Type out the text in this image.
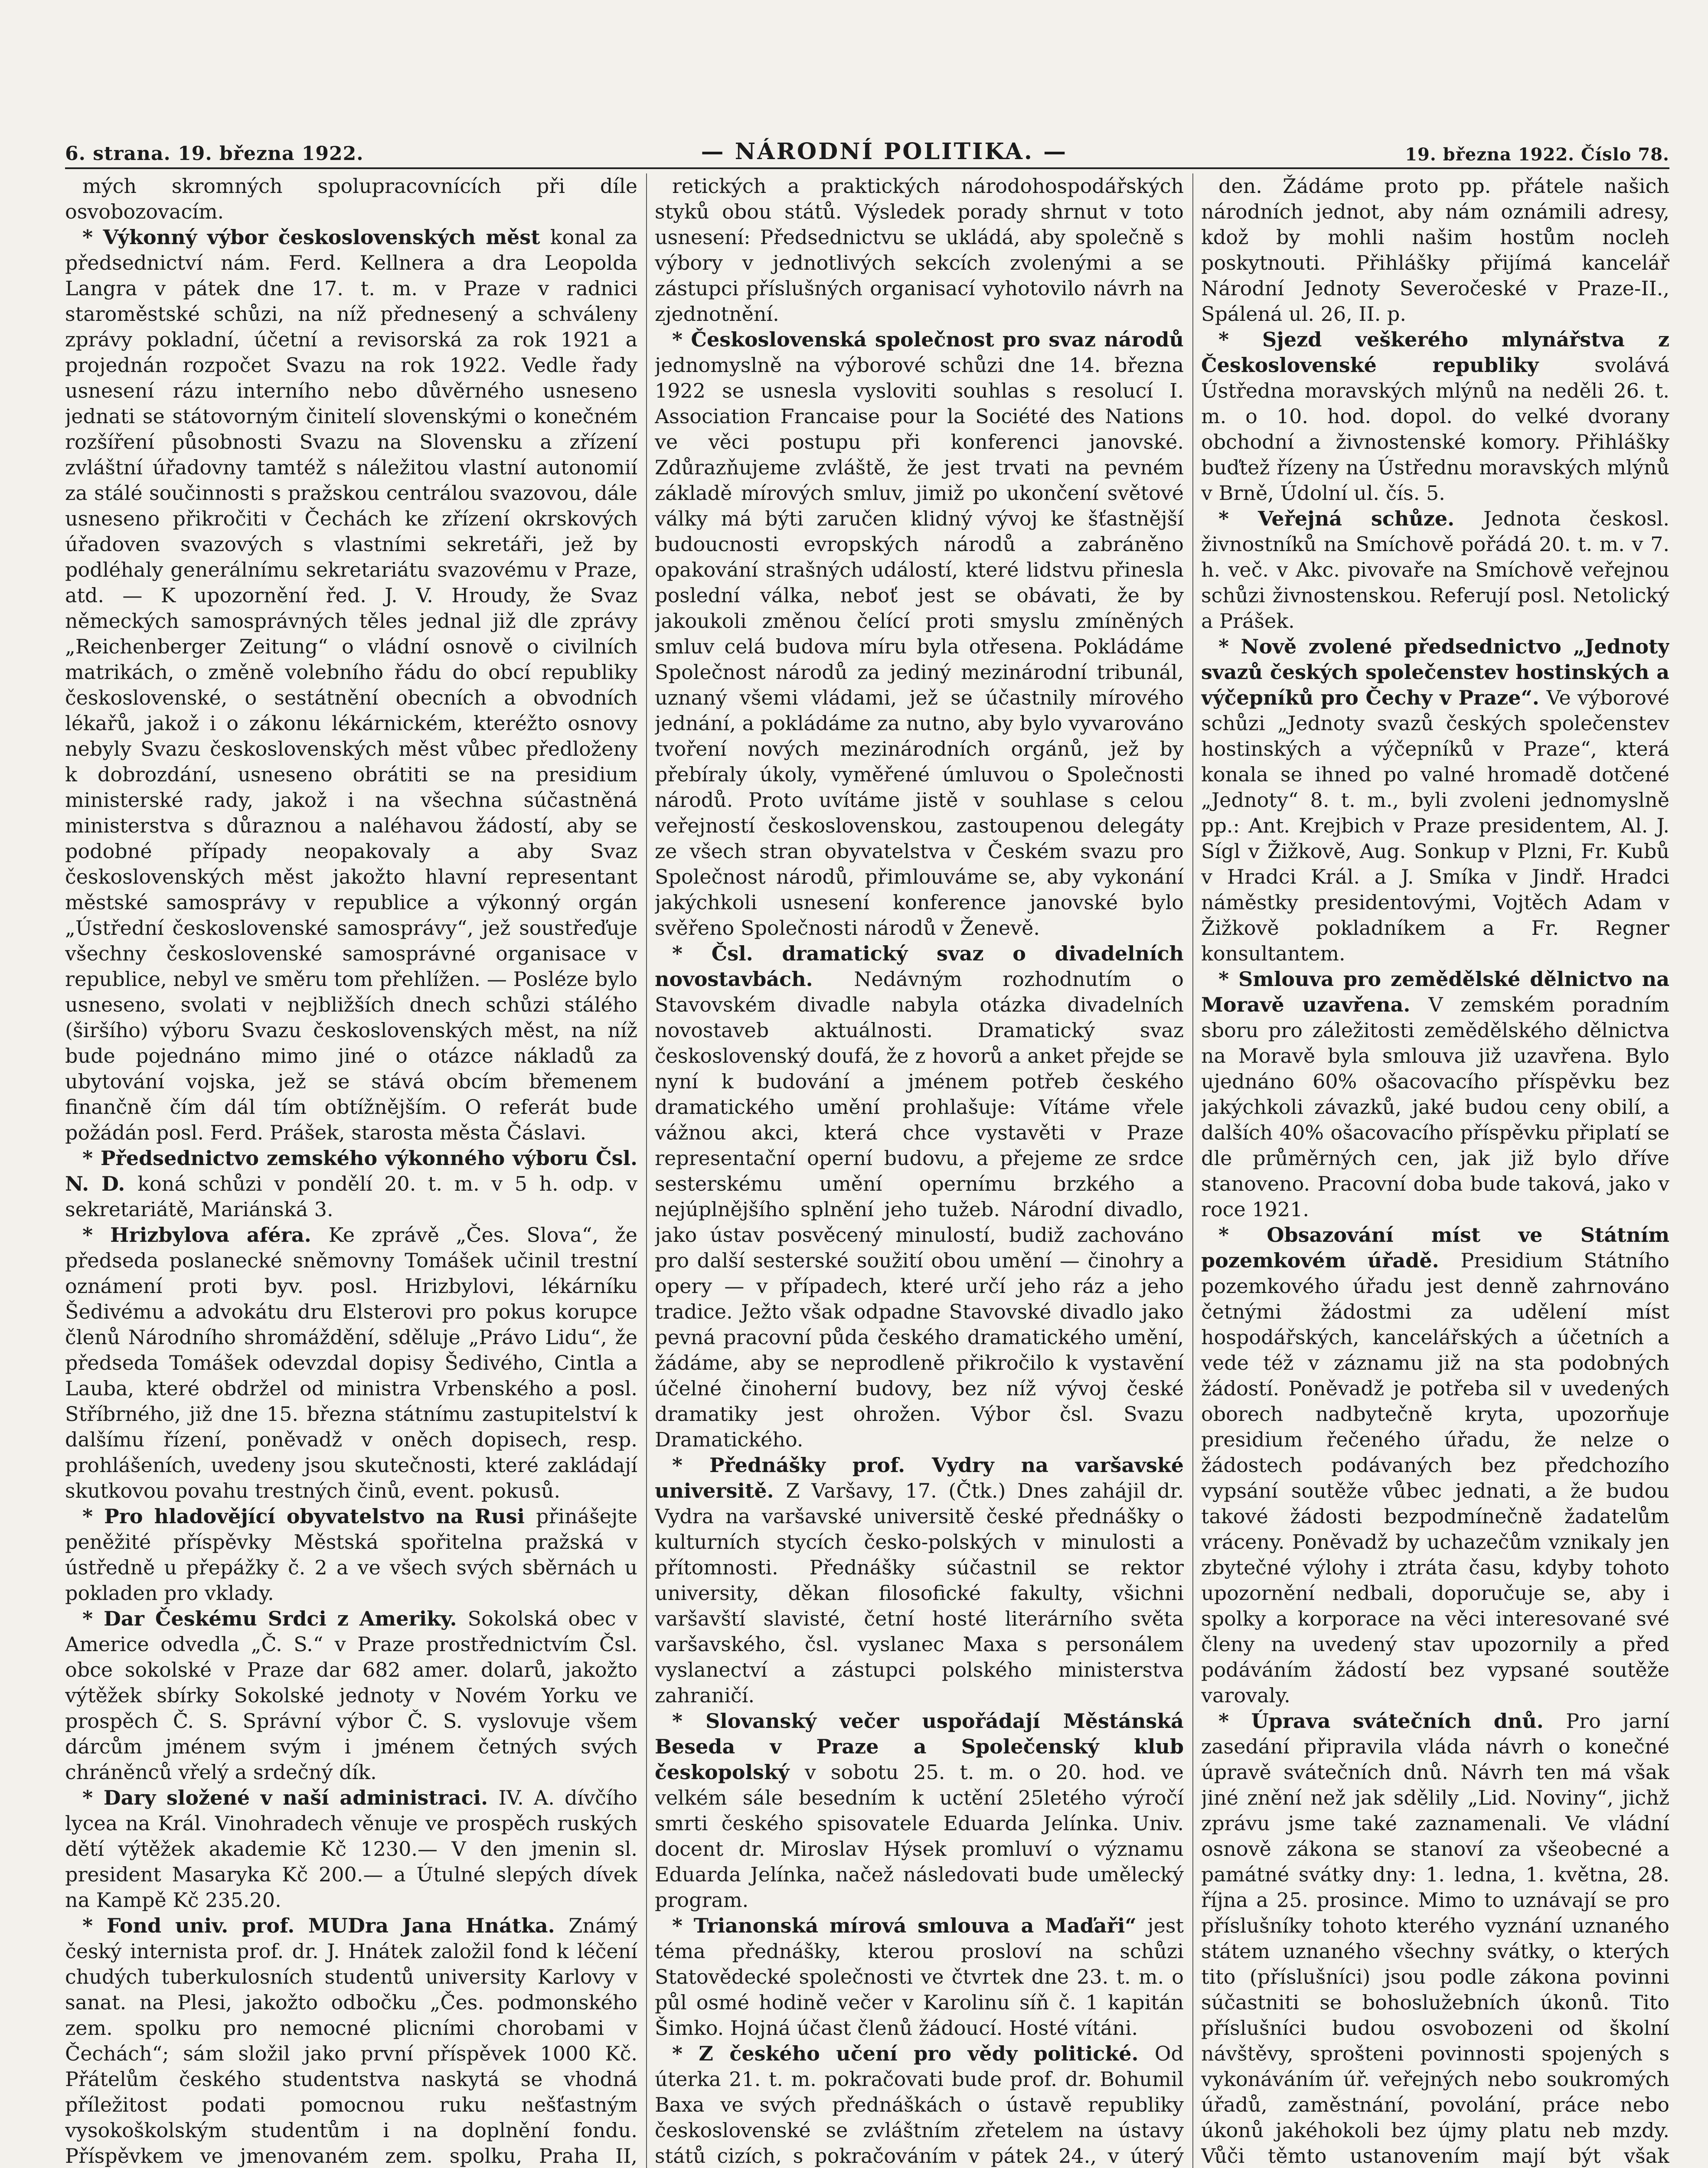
6. strana. 19. března 1922.	— NÁRODNÍ POLITIKA. —	19. března 1922. Číslo 78.

mých skromných spolupracovnících při díle osvobozovacím.

* Výkonný výbor československých měst konal za předsednictví nám. Ferd. Kellnera a dra Leopolda Langra v pátek dne 17. t. m. v Praze v radnici staroměstské schůzi, na níž přednesený a schváleny zprávy pokladní, účetní a revisorská za rok 1921 a projednán rozpočet Svazu na rok 1922. Vedle řady usnesení rázu interního nebo důvěrného usneseno jednati se státovorným činitelí slovenskými o konečném rozšíření působnosti Svazu na Slovensku a zřízení zvláštní úřadovny tamtéž s náležitou vlastní autonomií za stálé součinnosti s pražskou centrálou svazovou, dále usneseno přikročiti v Čechách ke zřízení okrskových úřadoven svazových s vlastními sekretáři, jež by podléhaly generálnímu sekretariátu svazovému v Praze, atd. — K upozornění řed. J. V. Hroudy, že Svaz německých samosprávných těles jednal již dle zprávy „Reichenberger Zeitung“ o vládní osnově o civilních matrikách, o změně volebního řádu do obcí republiky československé, o sestátnění obecních a obvodních lékařů, jakož i o zákonu lékárnickém, kteréžto osnovy nebyly Svazu československých měst vůbec předloženy k dobrozdání, usneseno obrátiti se na presidium ministerské rady, jakož i na všechna súčastněná ministerstva s důraznou a naléhavou žádostí, aby se podobné případy neopakovaly a aby Svaz československých měst jakožto hlavní representant městské samosprávy v republice a výkonný orgán „Ústřední československé samosprávy“, jež soustřeďuje všechny československé samosprávné organisace v republice, nebyl ve směru tom přehlížen. — Posléze bylo usneseno, svolati v nejbližších dnech schůzi stálého (širšího) výboru Svazu československých měst, na níž bude pojednáno mimo jiné o otázce nákladů za ubytování vojska, jež se stává obcím břemenem finančně čím dál tím obtížnějším. O referát bude požádán posl. Ferd. Prášek, starosta města Čáslavi.

* Předsednictvo zemského výkonného výboru Čsl. N. D. koná schůzi v pondělí 20. t. m. v 5 h. odp. v sekretariátě, Mariánská 3.

* Hrizbylova aféra. Ke zprávě „Čes. Slova“, že předseda poslanecké sněmovny Tomášek učinil trestní oznámení proti byv. posl. Hrizbylovi, lékárníku Šedivému a advokátu dru Elsterovi pro pokus korupce členů Národního shromáždění, sděluje „Právo Lidu“, že předseda Tomášek odevzdal dopisy Šedivého, Cintla a Lauba, které obdržel od ministra Vrbenského a posl. Stříbrného, již dne 15. března státnímu zastupitelství k dalšímu řízení, poněvadž v oněch dopisech, resp. prohlášeních, uvedeny jsou skutečnosti, které zakládají skutkovou povahu trestných činů, event. pokusů.

* Pro hladovějící obyvatelstvo na Rusi přinášejte peněžité příspěvky Městská spořitelna pražská v ústředně u přepážky č. 2 a ve všech svých sběrnách u pokladen pro vklady.

* Dar Českému Srdci z Ameriky. Sokolská obec v Americe odvedla „Č. S.“ v Praze prostřednictvím Čsl. obce sokolské v Praze dar 682 amer. dolarů, jakožto výtěžek sbírky Sokolské jednoty v Novém Yorku ve prospěch Č. S. Správní výbor Č. S. vyslovuje všem dárcům jménem svým i jménem četných svých chráněnců vřelý a srdečný dík.

* Dary složené v naší administraci. IV. A. dívčího lycea na Král. Vinohradech věnuje ve prospěch ruských dětí výtěžek akademie Kč 1230.— V den jmenin sl. president Masaryka Kč 200.— a Útulné slepých dívek na Kampě Kč 235.20.

* Fond univ. prof. MUDra Jana Hnátka. Známý český internista prof. dr. J. Hnátek založil fond k léčení chudých tuberkulosních studentů university Karlovy v sanat. na Plesi, jakožto odbočku „Čes. podmonského zem. spolku pro nemocné plicními chorobami v Čechách“; sám složil jako první příspěvek 1000 Kč. Přátelům českého studentstva naskytá se vhodná příležitost podati pomocnou ruku nešťastným vysokoškolským studentům i na doplnění fondu. Příspěvkem ve jmenovaném zem. spolku, Praha II,

retických a praktických národohospodářských styků obou států. Výsledek porady shrnut v toto usnesení: Předsednictvu se ukládá, aby společně s výbory v jednotlivých sekcích zvolenými a se zástupci příslušných organisací vyhotovilo návrh na zjednotnění.

* Československá společnost pro svaz národů jednomyslně na výborové schůzi dne 14. března 1922 se usnesla vysloviti souhlas s resolucí I. Association Francaise pour la Société des Nations ve věci postupu při konferenci janovské. Zdůrazňujeme zvláště, že jest trvati na pevném základě mírových smluv, jimiž po ukončení světové války má býti zaručen klidný vývoj ke šťastnější budoucnosti evropských národů a zabráněno opakování strašných událostí, které lidstvu přinesla poslední válka, neboť jest se obávati, že by jakoukoli změnou čelící proti smyslu zmíněných smluv celá budova míru byla otřesena. Pokládáme Společnost národů za jediný mezinárodní tribunál, uznaný všemi vládami, jež se účastnily mírového jednání, a pokládáme za nutno, aby bylo vyvarováno tvoření nových mezinárodních orgánů, jež by přebíraly úkoly, vyměřené úmluvou o Společnosti národů. Proto uvítáme jistě v souhlase s celou veřejností československou, zastoupenou delegáty ze všech stran obyvatelstva v Českém svazu pro Společnost národů, přimlouváme se, aby vykonání jakýchkoli usnesení konference janovské bylo svěřeno Společnosti národů v Ženevě.

* Čsl. dramatický svaz o divadelních novostavbách. Nedávným rozhodnutím o Stavovském divadle nabyla otázka divadelních novostaveb aktuálnosti. Dramatický svaz československý doufá, že z hovorů a anket přejde se nyní k budování a jménem potřeb českého dramatického umění prohlašuje: Vítáme vřele vážnou akci, která chce vystavěti v Praze representační operní budovu, a přejeme ze srdce sesterskému umění opernímu brzkého a nejúplnějšího splnění jeho tužeb. Národní divadlo, jako ústav posvěcený minulostí, budiž zachováno pro další sesterské soužití obou umění — činohry a opery — v případech, které určí jeho ráz a jeho tradice. Ježto však odpadne Stavovské divadlo jako pevná pracovní půda českého dramatického umění, žádáme, aby se neprodleně přikročilo k vystavění účelné činoherní budovy, bez níž vývoj české dramatiky jest ohrožen. Výbor čsl. Svazu Dramatického.

* Přednášky prof. Vydry na varšavské universitě. Z Varšavy, 17. (Čtk.) Dnes zahájil dr. Vydra na varšavské universitě české přednášky o kulturních stycích česko-polských v minulosti a přítomnosti. Přednášky súčastnil se rektor university, děkan filosofické fakulty, všichni varšavští slavisté, četní hosté literárního světa varšavského, čsl. vyslanec Maxa s personálem vyslanectví a zástupci polského ministerstva zahraničí.

* Slovanský večer uspořádají Městánská Beseda v Praze a Společenský klub českopolský v sobotu 25. t. m. o 20. hod. ve velkém sále besedním k uctění 25letého výročí smrti českého spisovatele Eduarda Jelínka. Univ. docent dr. Miroslav Hýsek promluví o významu Eduarda Jelínka, načež následovati bude umělecký program.

* Trianonská mírová smlouva a Maďaři“ jest téma přednášky, kterou prosloví na schůzi Statovědecké společnosti ve čtvrtek dne 23. t. m. o půl osmé hodině večer v Karolinu síň č. 1 kapitán Šimko. Hojná účast členů žádoucí. Hosté vítáni.

* Z českého učení pro vědy politické. Od úterka 21. t. m. pokračovati bude prof. dr. Bohumil Baxa ve svých přednáškách o ústavě republiky československé se zvláštním zřetelem na ústavy států cizích, s pokračováním v pátek 24., v úterý

den. Žádáme proto pp. přátele našich národních jednot, aby nám oznámili adresy, kdož by mohli našim hostům nocleh poskytnouti. Přihlášky přijímá kancelář Národní Jednoty Severočeské v Praze-II., Spálená ul. 26, II. p.

* Sjezd veškerého mlynářstva z Československé republiky svolává Ústředna moravských mlýnů na neděli 26. t. m. o 10. hod. dopol. do velké dvorany obchodní a živnostenské komory. Přihlášky buďtež řízeny na Ústřednu moravských mlýnů v Brně, Údolní ul. čís. 5.

* Veřejná schůze. Jednota českosl. živnostníků na Smíchově pořádá 20. t. m. v 7. h. več. v Akc. pivovaře na Smíchově veřejnou schůzi živnostenskou. Referují posl. Netolický a Prášek.

* Nově zvolené předsednictvo „Jednoty svazů českých společenstev hostinských a výčepníků pro Čechy v Praze“. Ve výborové schůzi „Jednoty svazů českých společenstev hostinských a výčepníků v Praze“, která konala se ihned po valné hromadě dotčené „Jednoty“ 8. t. m., byli zvoleni jednomyslně pp.: Ant. Krejbich v Praze presidentem, Al. J. Sígl v Žižkově, Aug. Sonkup v Plzni, Fr. Kubů v Hradci Král. a J. Smíka v Jindř. Hradci náměstky presidentovými, Vojtěch Adam v Žižkově pokladníkem a Fr. Regner konsultantem.

* Smlouva pro zemědělské dělnictvo na Moravě uzavřena. V zemském poradním sboru pro záležitosti zemědělského dělnictva na Moravě byla smlouva již uzavřena. Bylo ujednáno 60% ošacovacího příspěvku bez jakýchkoli závazků, jaké budou ceny obilí, a dalších 40% ošacovacího příspěvku připlatí se dle průměrných cen, jak již bylo dříve stanoveno. Pracovní doba bude taková, jako v roce 1921.

* Obsazování míst ve Státním pozemkovém úřadě. Presidium Státního pozemkového úřadu jest denně zahrnováno četnými žádostmi za udělení míst hospodářských, kancelářských a účetních a vede též v záznamu již na sta podobných žádostí. Poněvadž je potřeba sil v uvedených oborech nadbytečně kryta, upozorňuje presidium řečeného úřadu, že nelze o žádostech podávaných bez předchozího vypsání soutěže vůbec jednati, a že budou takové žádosti bezpodmínečně žadatelům vráceny. Poněvadž by uchazečům vznikaly jen zbytečné výlohy i ztráta času, kdyby tohoto upozornění nedbali, doporučuje se, aby i spolky a korporace na věci interesované své členy na uvedený stav upozornily a před podáváním žádostí bez vypsané soutěže varovaly.

* Úprava svátečních dnů. Pro jarní zasedání připravila vláda návrh o konečné úpravě svátečních dnů. Návrh ten má však jiné znění než jak sdělily „Lid. Noviny“, jichž zprávu jsme také zaznamenali. Ve vládní osnově zákona se stanoví za všeobecné a památné svátky dny: 1. ledna, 1. května, 28. října a 25. prosince. Mimo to uznávají se pro příslušníky tohoto kterého vyznání uznaného státem uznaného všechny svátky, o kterých tito (příslušníci) jsou podle zákona povinni súčastniti se bohoslužebních úkonů. Tito příslušníci budou osvobozeni od školní návštěvy, sprošteni povinnosti spojených s vykonáváním úř. veřejných nebo soukromých úřadů, zaměstnání, povolání, práce nebo úkonů jakéhokoli bez újmy platu neb mzdy. Vůči těmto ustanovením mají být však
